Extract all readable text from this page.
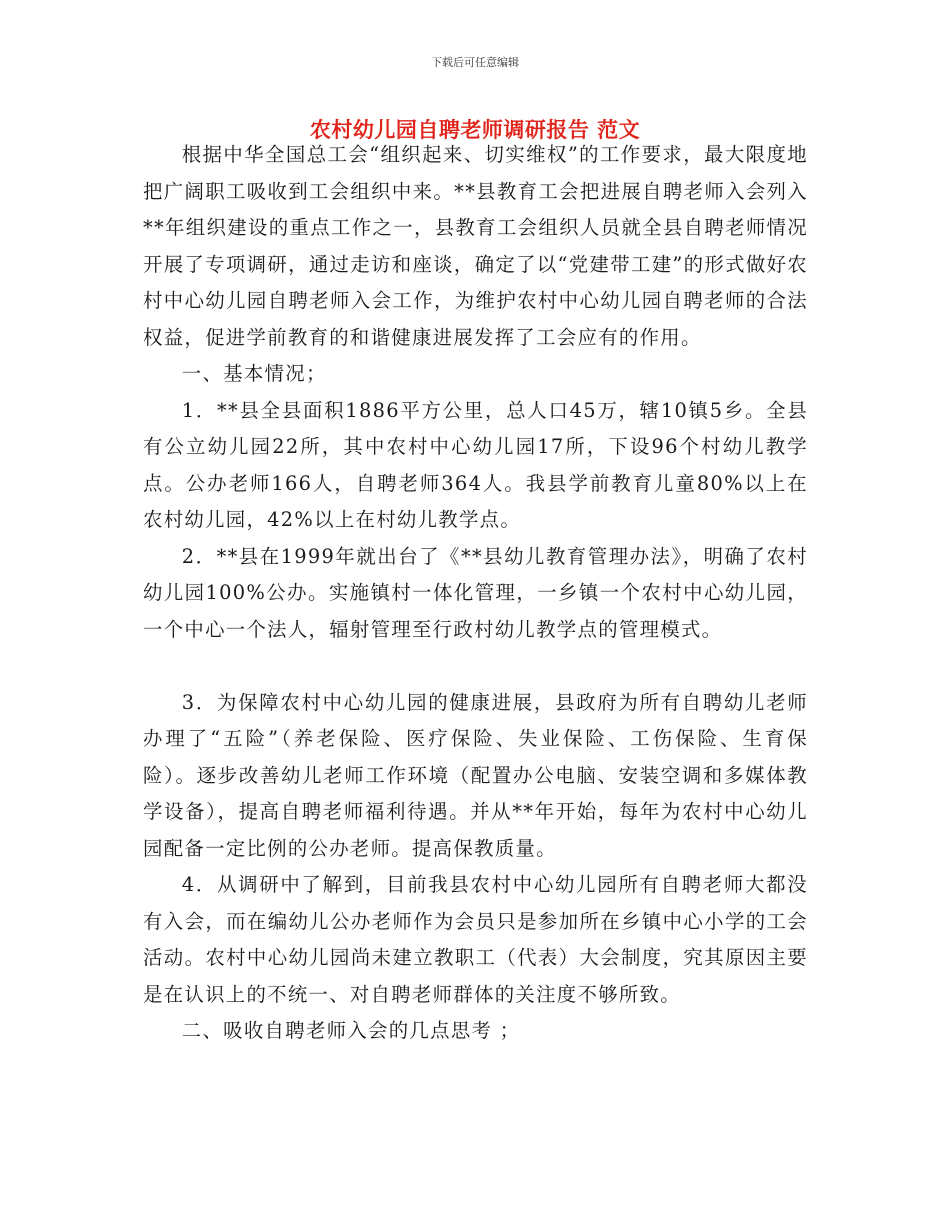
下载后可任意编辑
农村幼儿园自聘老师调研报告 范文

根据中华全国总工会“组织起来、切实维权”的工作要求，最大限度地把广阔职工吸收到工会组织中来。**县教育工会把进展自聘老师入会列入**年组织建设的重点工作之一，县教育工会组织人员就全县自聘老师情况开展了专项调研，通过走访和座谈，确定了以“党建带工建”的形式做好农村中心幼儿园自聘老师入会工作，为维护农村中心幼儿园自聘老师的合法权益，促进学前教育的和谐健康进展发挥了工会应有的作用。

一、基本情况；

1．**县全县面积1886平方公里，总人口45万，辖10镇5乡。全县有公立幼儿园22所，其中农村中心幼儿园17所，下设96个村幼儿教学点。公办老师166人，自聘老师364人。我县学前教育儿童80%以上在农村幼儿园，42%以上在村幼儿教学点。

2．**县在1999年就出台了《**县幼儿教育管理办法》，明确了农村幼儿园100%公办。实施镇村一体化管理，一乡镇一个农村中心幼儿园，一个中心一个法人，辐射管理至行政村幼儿教学点的管理模式。

3．为保障农村中心幼儿园的健康进展，县政府为所有自聘幼儿老师办理了“五险”（养老保险、医疗保险、失业保险、工伤保险、生育保险）。逐步改善幼儿老师工作环境（配置办公电脑、安装空调和多媒体教学设备），提高自聘老师福利待遇。并从**年开始，每年为农村中心幼儿园配备一定比例的公办老师。提高保教质量。

4．从调研中了解到，目前我县农村中心幼儿园所有自聘老师大都没有入会，而在编幼儿公办老师作为会员只是参加所在乡镇中心小学的工会活动。农村中心幼儿园尚未建立教职工（代表）大会制度，究其原因主要是在认识上的不统一、对自聘老师群体的关注度不够所致。

二、吸收自聘老师入会的几点思考 ；
